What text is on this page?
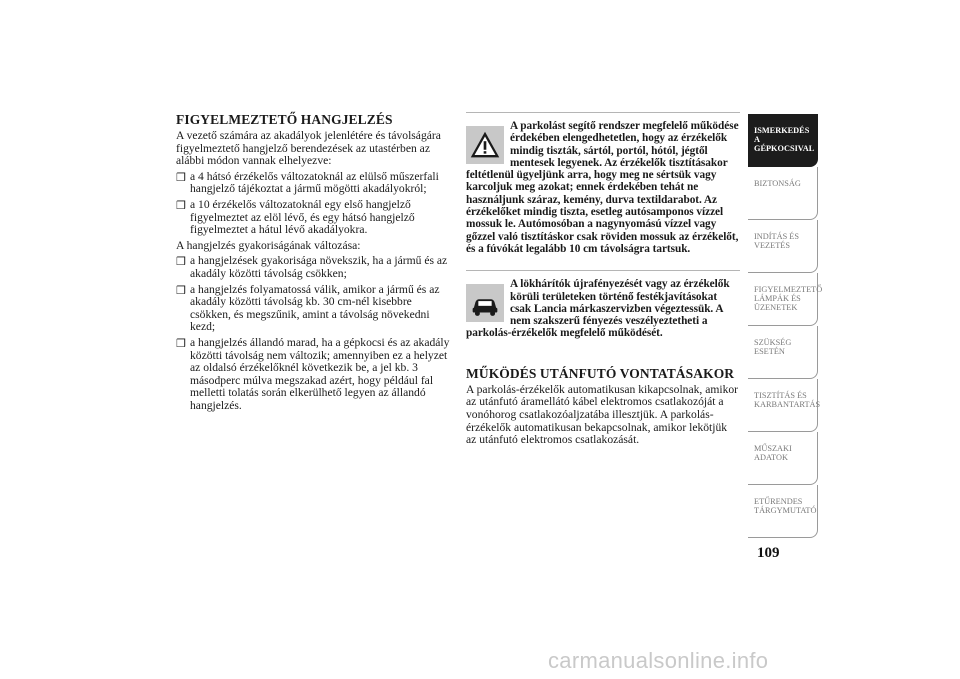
FIGYELMEZTETŐ HANGJELZÉS

A vezető számára az akadályok jelenlétére és távolságára figyelmeztető hangjelző berendezések az utastérben az alábbi módon vannak elhelyezve:

❒ a 4 hátsó érzékelős változatoknál az elülső műszerfali hangjelző tájékoztat a jármű mögötti akadályokról;
❒ a 10 érzékelős változatoknál egy első hangjelző figyelmeztet az elöl lévő, és egy hátsó hangjelző figyelmeztet a hátul lévő akadályokra.

A hangjelzés gyakoriságának változása:

❒ a hangjelzések gyakorisága növekszik, ha a jármű és az akadály közötti távolság csökken;
❒ a hangjelzés folyamatossá válik, amikor a jármű és az akadály közötti távolság kb. 30 cm-nél kisebbre csökken, és megszűnik, amint a távolság növekedni kezd;
❒ a hangjelzés állandó marad, ha a gépkocsi és az akadály közötti távolság nem változik; amennyiben ez a helyzet az oldalsó érzékelőknél következik be, a jel kb. 3 másodperc múlva megszakad azért, hogy például fal melletti tolatás során elkerülhető legyen az állandó hangjelzés.
A parkolást segítő rendszer megfelelő működése érdekében elengedhetetlen, hogy az érzékelők mindig tiszták, sártól, portól, hótól, jégtől mentesek legyenek. Az érzékelők tisztításakor feltétlenül ügyeljünk arra, hogy meg ne sértsük vagy karcoljuk meg azokat; ennek érdekében tehát ne használjunk száraz, kemény, durva textildarabot. Az érzékelőket mindig tiszta, esetleg autósamponos vízzel mossuk le. Autómosóban a nagynyomású vízzel vagy gőzzel való tisztításkor csak röviden mossuk az érzékelőt, és a fúvókát legalább 10 cm távolságra tartsuk.
A lökhárítók újrafényezését vagy az érzékelők körüli területeken történő festékjavításokat csak Lancia márkaszervizben végeztessük. A nem szakszerű fényezés veszélyeztetheti a parkolás-érzékelők megfelelő működését.
MŰKÖDÉS UTÁNFUTÓ VONTATÁSAKOR

A parkolás-érzékelők automatikusan kikapcsolnak, amikor az utánfutó áramellátó kábel elektromos csatlakozóját a vonóhorog csatlakozóaljzatába illesztjük. A parkolás-érzékelők automatikusan bekapcsolnak, amikor lekötjük az utánfutó elektromos csatlakozását.

ISMERKEDÉS A
GÉPKOCSIVAL
BIZTONSÁG
INDÍTÁS ÉS
VEZETÉS
FIGYELMEZTETŐ
LÁMPÁK ÉS
ÜZENETEK
SZÜKSÉG ESETÉN
TISZTÍTÁS ÉS
KARBANTARTÁS
MŰSZAKI ADATOK
ETŰRENDES
TÁRGYMUTATÓ
109
carmanualsonline.info
